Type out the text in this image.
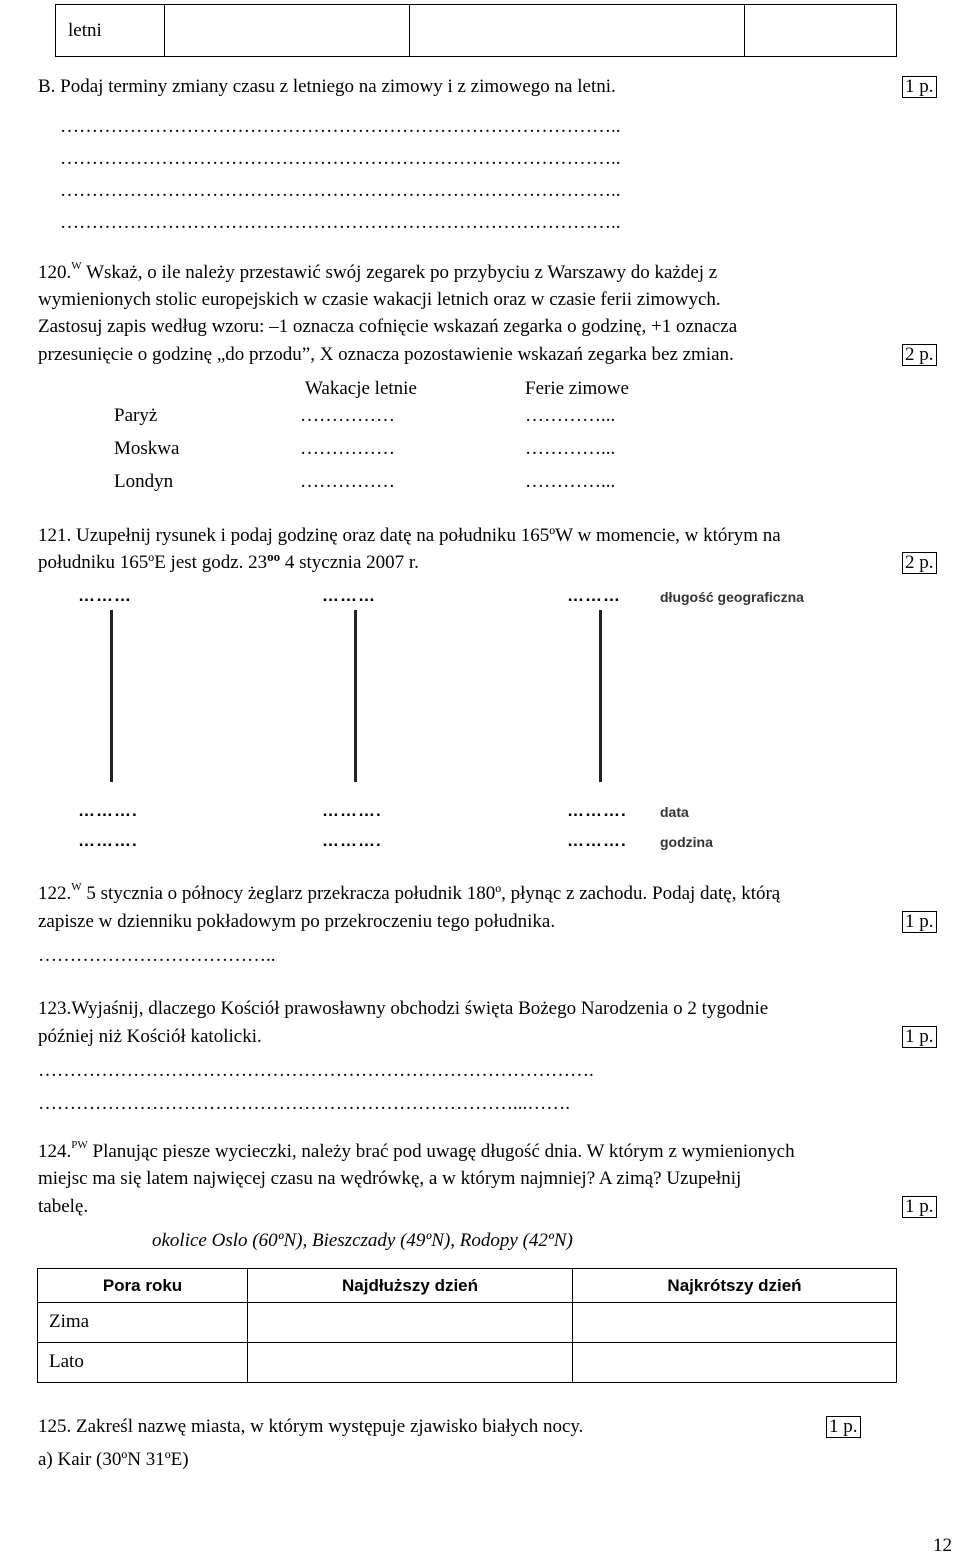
letni			
B. Podaj terminy zmiany czasu z letniego na zimowy i z zimowego na letni.	1 p.
……………………………………………………………………………..
……………………………………………………………………………..
……………………………………………………………………………..
……………………………………………………………………………..
120.$^W$ Wskaż, o ile należy przestawić swój zegarek po przybyciu z Warszawy do każdej z
wymienionych stolic europejskich w czasie wakacji letnich oraz w czasie ferii zimowych.
Zastosuj zapis według wzoru: –1 oznacza cofnięcie wskazań zegarka o godzinę, +1 oznacza
przesunięcie o godzinę „do przodu”, X oznacza pozostawienie wskazań zegarka bez zmian.	2 p.
Wakacje letnie	Ferie zimowe
Paryż	……………	…………...
Moskwa	……………	…………...
Londyn	……………	…………...
121. Uzupełnij rysunek i podaj godzinę oraz datę na południku 165ºW w momencie, w którym na
południku 165ºE jest godz. $23^{oo}$ 4 stycznia 2007 r.	2 p.
………	………	………	długość geograficzna
……….	……….	………. data
……….	……….	………. godzina
122.$^W$ 5 stycznia o północy żeglarz przekracza południk 180º, płynąc z zachodu. Podaj datę, którą
zapisze w dzienniku pokładowym po przekroczeniu tego południka.	1 p.
………………………………..
123.Wyjaśnij, dlaczego Kościół prawosławny obchodzi święta Bożego Narodzenia o 2 tygodnie
później niż Kościół katolicki.	1 p.
…………………………………………………………………………….
…………………………………………………………………...…….
124.$^{PW}$ Planując piesze wycieczki, należy brać pod uwagę długość dnia. W którym z wymienionych
miejsc ma się latem najwięcej czasu na wędrówkę, a w którym najmniej? A zimą? Uzupełnij
tabelę.	1 p.
okolice Oslo (60ºN), Bieszczady (49ºN), Rodopy (42ºN)
Pora roku	Najdłuższy dzień	Najkrótszy dzień
Zima		
Lato		
125. Zakreśl nazwę miasta, w którym występuje zjawisko białych nocy.	1 p.
a) Kair (30ºN 31ºE)
12
